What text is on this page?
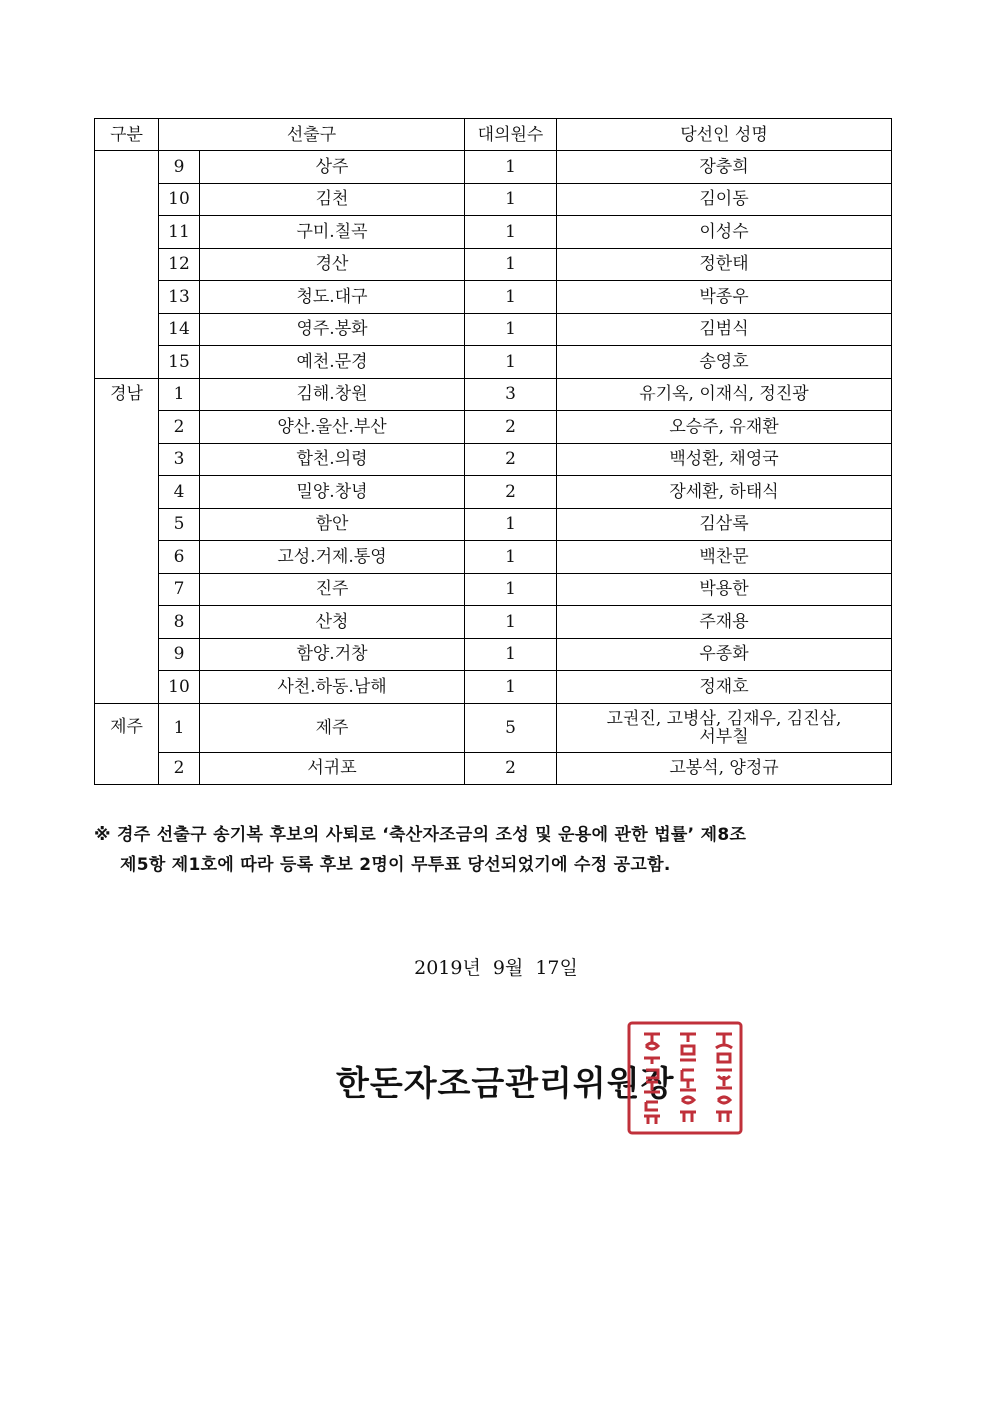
구분	선출구		대의원수	당선인 성명
	9	상주	1	장충희
	10	김천	1	김이동
	11	구미.칠곡	1	이성수
	12	경산	1	정한태
	13	청도.대구	1	박종우
	14	영주.봉화	1	김범식
	15	예천.문경	1	송영호
경남	1	김해.창원	3	유기옥, 이재식, 정진광
	2	양산.울산.부산	2	오승주, 유재환
	3	합천.의령	2	백성환, 채영국
	4	밀양.창녕	2	장세환, 하태식
	5	함안	1	김삼록
	6	고성.거제.통영	1	백찬문
	7	진주	1	박용한
	8	산청	1	주재용
	9	함양.거창	1	우종화
	10	사천.하동.남해	1	정재호
제주	1	제주	5	고권진, 고병삼, 김재우, 김진삼,
서부칠

	2	서귀포	2	고봉석, 양정규
※ 경주 선출구 송기복 후보의 사퇴로 ‘축산자조금의 조성 및 운용에 관한 법률’ 제8조
제5항 제1호에 따라 등록 후보 2명이 무투표 당선되었기에 수정 공고함.
2019년 9월 17일
한돈자조금관리위원장
